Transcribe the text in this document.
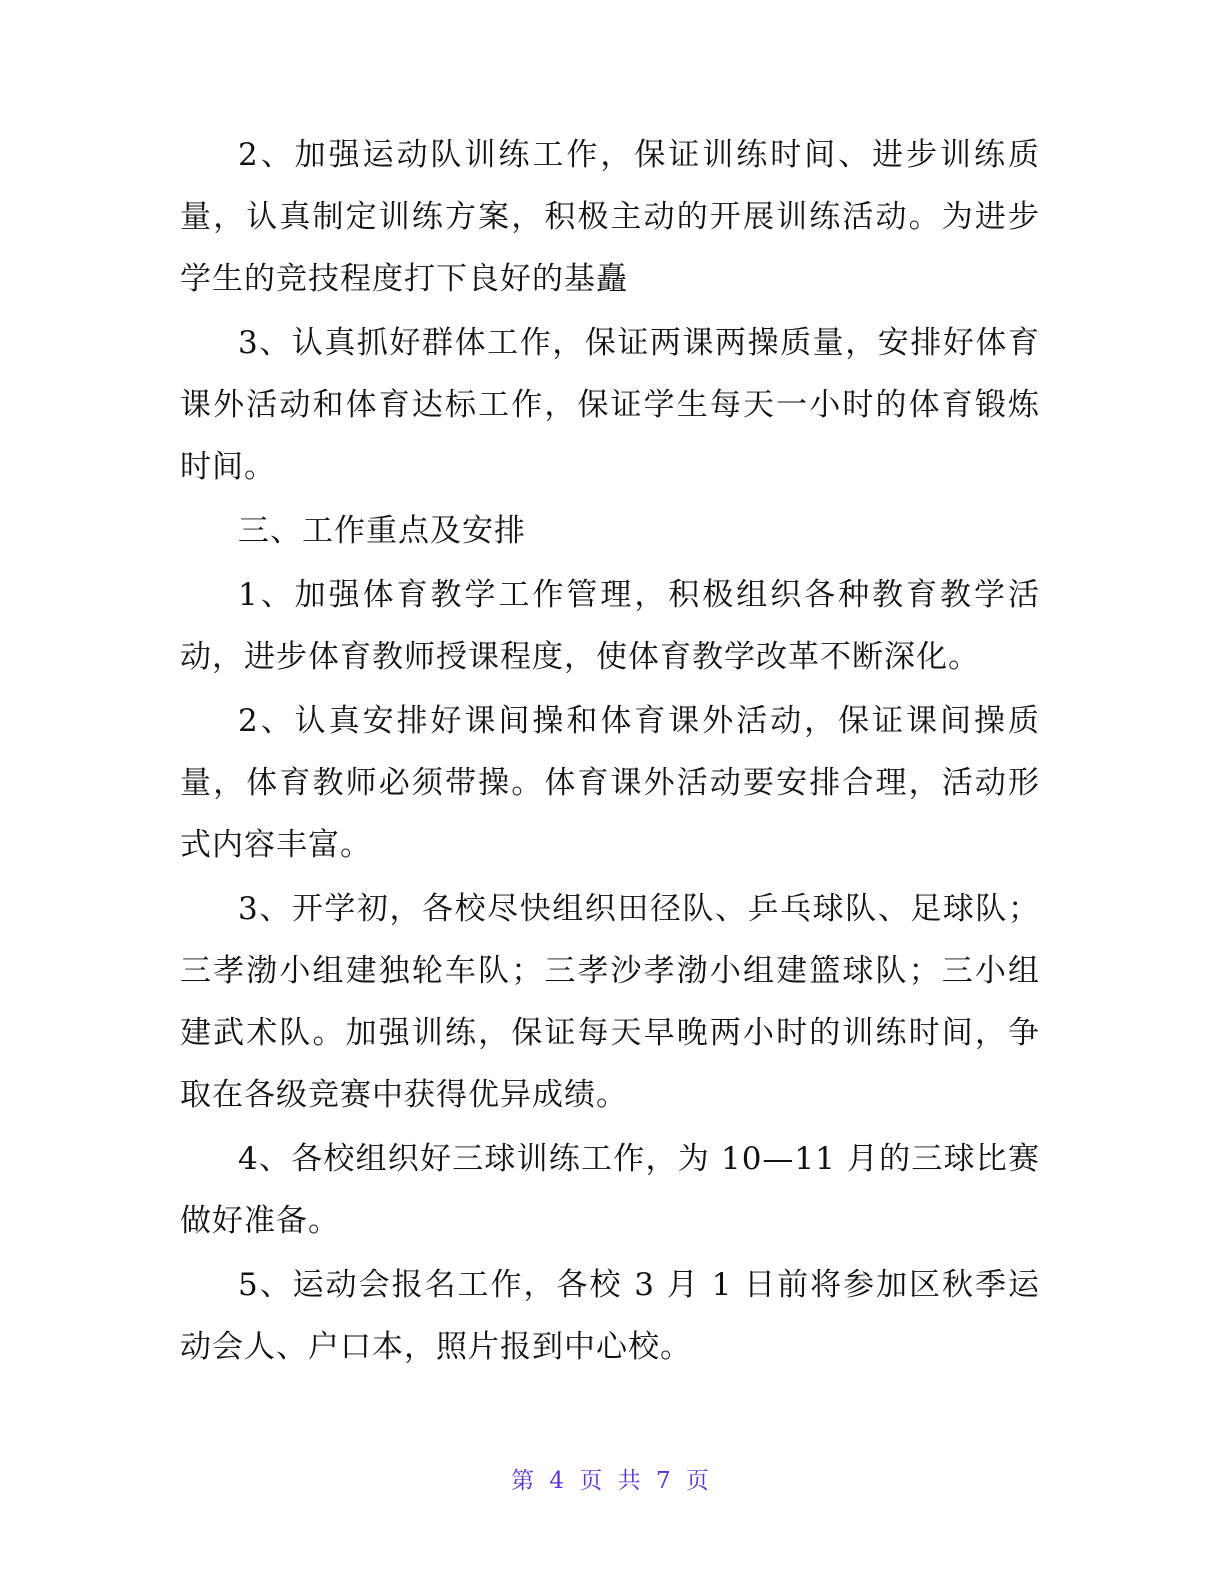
2、加强运动队训练工作，保证训练时间、进步训练质量，认真制定训练方案，积极主动的开展训练活动。为进步学生的竞技程度打下良好的基矗

3、认真抓好群体工作，保证两课两操质量，安排好体育课外活动和体育达标工作，保证学生每天一小时的体育锻炼时间。

三、工作重点及安排

1、加强体育教学工作管理，积极组织各种教育教学活动，进步体育教师授课程度，使体育教学改革不断深化。

2、认真安排好课间操和体育课外活动，保证课间操质量，体育教师必须带操。体育课外活动要安排合理，活动形式内容丰富。

3、开学初，各校尽快组织田径队、乒乓球队、足球队；三孝渤小组建独轮车队；三孝沙孝渤小组建篮球队；三小组建武术队。加强训练，保证每天早晚两小时的训练时间，争取在各级竞赛中获得优异成绩。

4、各校组织好三球训练工作，为 10—11 月的三球比赛做好准备。

5、运动会报名工作，各校 3 月 1 日前将参加区秋季运动会人、户口本，照片报到中心校。

第 4 页 共 7 页
